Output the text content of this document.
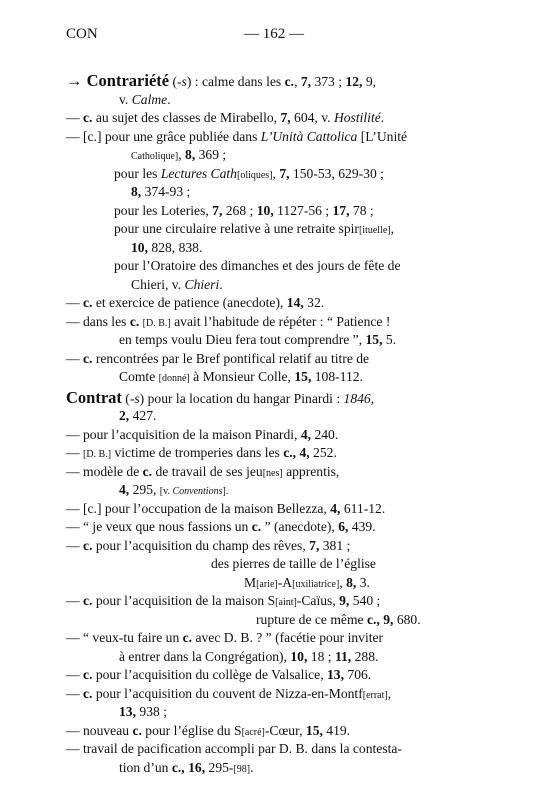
CON	— 162 —
→ Contrariété (-s) : calme dans les c., 7, 373 ; 12, 9,
v. Calme.
— c. au sujet des classes de Mirabello, 7, 604, v. Hostilité.
— [c.] pour une grâce publiée dans L’Unità Cattolica [L’Unité
Catholique], 8, 369 ;
pour les Lectures Cath[oliques], 7, 150-53, 629-30 ;
8, 374-93 ;
pour les Loteries, 7, 268 ; 10, 1127-56 ; 17, 78 ;
pour une circulaire relative à une retraite spir[ituelle],
10, 828, 838.
pour l’Oratoire des dimanches et des jours de fête de
Chieri, v. Chieri.
— c. et exercice de patience (anecdote), 14, 32.
— dans les c. [D. B.] avait l’habitude de répéter : “ Patience !
en temps voulu Dieu fera tout comprendre ”, 15, 5.
— c. rencontrées par le Bref pontifical relatif au titre de
Comte [donné] à Monsieur Colle, 15, 108-112.
Contrat (-s) pour la location du hangar Pinardi : 1846,
2, 427.
— pour l’acquisition de la maison Pinardi, 4, 240.
— [D. B.] victime de tromperies dans les c., 4, 252.
— modèle de c. de travail de ses jeu[nes] apprentis,
4, 295, [v. Conventions].
— [c.] pour l’occupation de la maison Bellezza, 4, 611-12.
— “ je veux que nous fassions un c. ” (anecdote), 6, 439.
— c. pour l’acquisition du champ des rêves, 7, 381 ;
des pierres de taille de l’église
M[arie]-A[uxiliatrice], 8, 3.
— c. pour l’acquisition de la maison S[aint]-Caïus, 9, 540 ;
rupture de ce même c., 9, 680.
— “ veux-tu faire un c. avec D. B. ? ” (facétie pour inviter
à entrer dans la Congrégation), 10, 18 ; 11, 288.
— c. pour l’acquisition du collège de Valsalice, 13, 706.
— c. pour l’acquisition du couvent de Nizza-en-Montf[errat],
13, 938 ;
— nouveau c. pour l’église du S[acré]-Cœur, 15, 419.
— travail de pacification accompli par D. B. dans la contesta-
tion d’un c., 16, 295-[98].
